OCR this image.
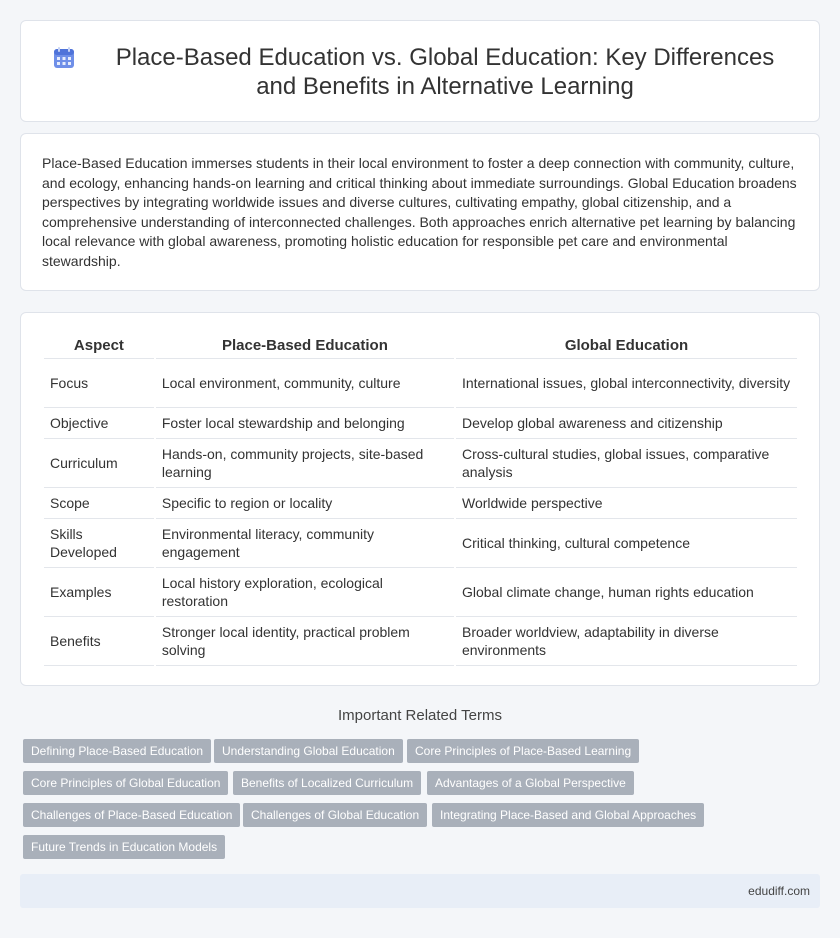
Place-Based Education vs. Global Education: Key Differences and Benefits in Alternative Learning

Place-Based Education immerses students in their local environment to foster a deep connection with community, culture, and ecology, enhancing hands-on learning and critical thinking about immediate surroundings. Global Education broadens perspectives by integrating worldwide issues and diverse cultures, cultivating empathy, global citizenship, and a comprehensive understanding of interconnected challenges. Both approaches enrich alternative pet learning by balancing local relevance with global awareness, promoting holistic education for responsible pet care and environmental stewardship.

Aspect	Place-Based Education	Global Education
Focus	Local environment, community, culture	International issues, global interconnectivity, diversity
Objective	Foster local stewardship and belonging	Develop global awareness and citizenship
Curriculum	Hands-on, community projects, site-based learning	Cross-cultural studies, global issues, comparative analysis
Scope	Specific to region or locality	Worldwide perspective
Skills Developed	Environmental literacy, community engagement	Critical thinking, cultural competence
Examples	Local history exploration, ecological restoration	Global climate change, human rights education
Benefits	Stronger local identity, practical problem solving	Broader worldview, adaptability in diverse environments
Important Related Terms
Defining Place-Based Education	Understanding Global Education	Core Principles of Place-Based Learning
Core Principles of Global Education	Benefits of Localized Curriculum	Advantages of a Global Perspective
Challenges of Place-Based Education	Challenges of Global Education	Integrating Place-Based and Global Approaches
Future Trends in Education Models
edudiff.com
